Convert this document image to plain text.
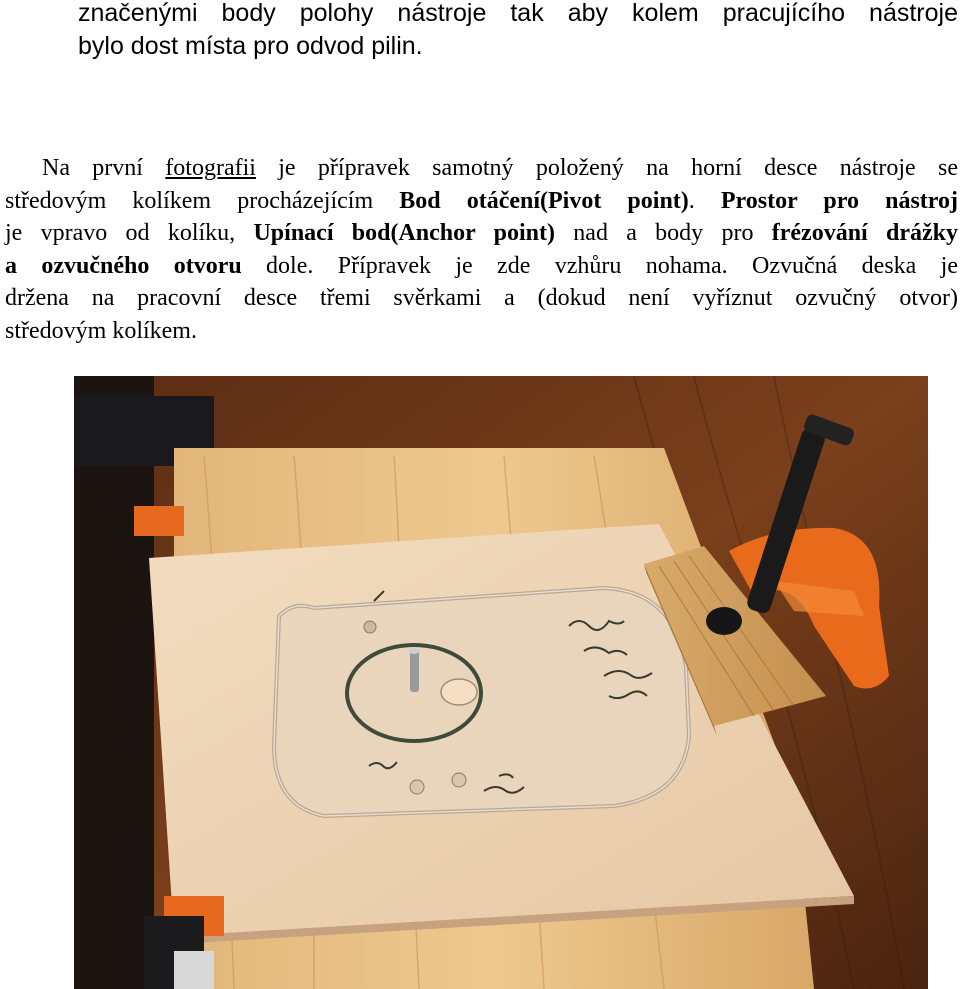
značenými body polohy nástroje tak aby kolem pracujícího nástroje
bylo dost místa pro odvod pilin.
Na první fotografii je přípravek samotný položený na horní desce nástroje se
středovým kolíkem procházejícím Bod otáčení(Pivot point). Prostor pro nástroj
je vpravo od kolíku, Upínací bod(Anchor point) nad a body pro frézování drážky
a ozvučného otvoru dole. Přípravek je zde vzhůru nohama. Ozvučná deska je
držena na pracovní desce třemi svěrkami a (dokud není vyříznut ozvučný otvor)
středovým kolíkem.
